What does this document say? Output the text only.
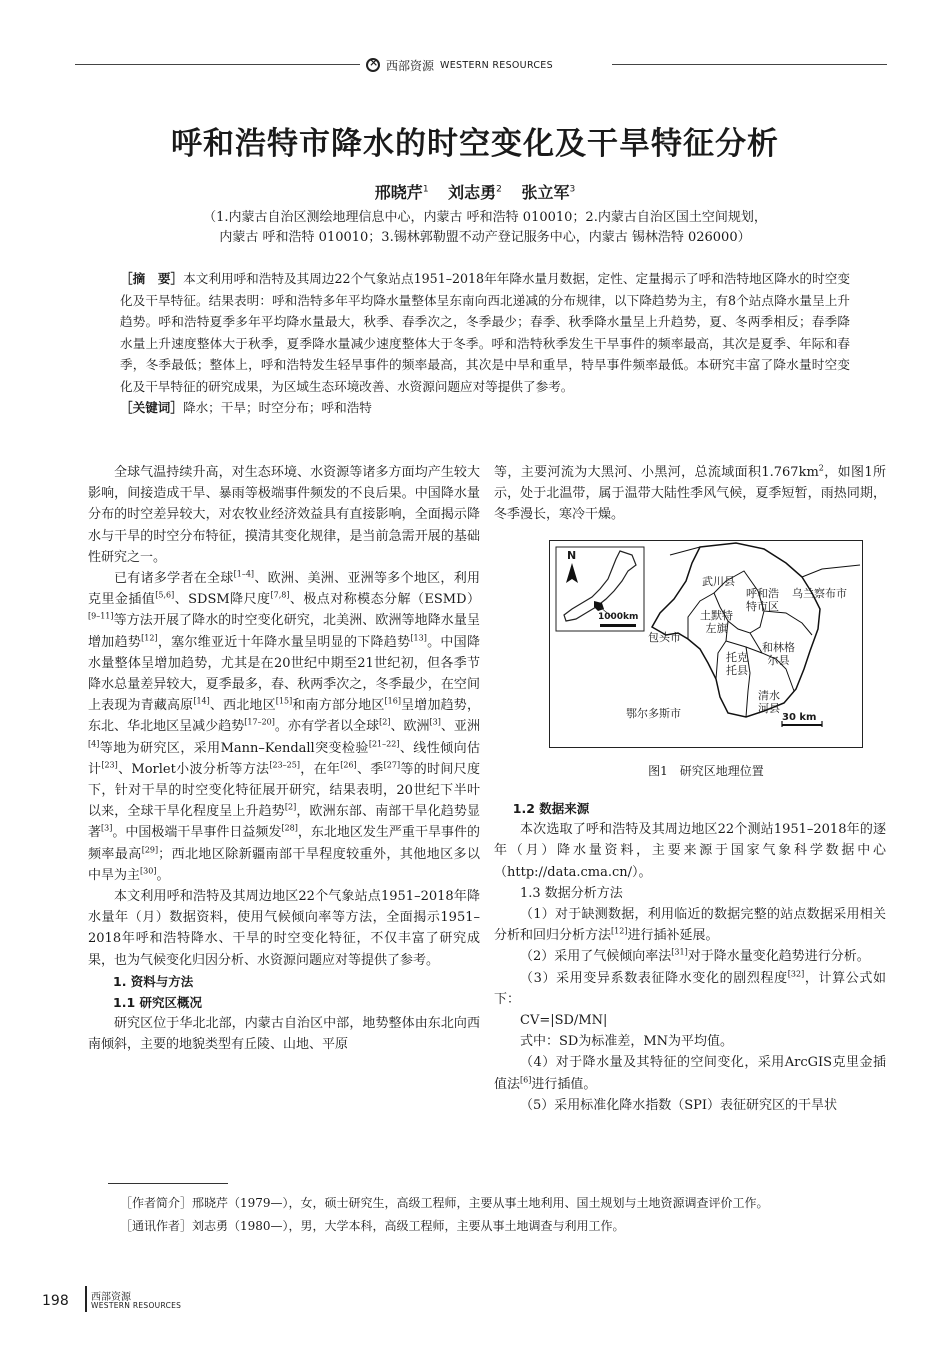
×
西部资源 WESTERN RESOURCES
呼和浩特市降水的时空变化及干旱特征分析
邢晓芹$^1$ 刘志勇$^2$ 张立军$^3$
（1.内蒙古自治区测绘地理信息中心，内蒙古 呼和浩特 010010；2.内蒙古自治区国土空间规划，
内蒙古 呼和浩特 010010；3.锡林郭勒盟不动产登记服务中心，内蒙古 锡林浩特 026000）
［摘　要］本文利用呼和浩特及其周边22个气象站点1951–2018年年降水量月数据，定性、定量揭示了呼和浩特地区降水的时空变化及干旱特征。结果表明：呼和浩特多年平均降水量整体呈东南向西北递减的分布规律，以下降趋势为主，有8个站点降水量呈上升趋势。呼和浩特夏季多年平均降水量最大，秋季、春季次之，冬季最少；春季、秋季降水量呈上升趋势，夏、冬两季相反；春季降水量上升速度整体大于秋季，夏季降水量减少速度整体大于冬季。呼和浩特秋季发生干旱事件的频率最高，其次是夏季、年际和春季，冬季最低；整体上，呼和浩特发生轻旱事件的频率最高，其次是中旱和重旱，特旱事件频率最低。本研究丰富了降水量时空变化及干旱特征的研究成果，为区域生态环境改善、水资源问题应对等提供了参考。
［关键词］降水；干旱；时空分布；呼和浩特

全球气温持续升高，对生态环境、水资源等诸多方面均产生较大影响，间接造成干旱、暴雨等极端事件频发的不良后果。中国降水量分布的时空差异较大，对农牧业经济效益具有直接影响，全面揭示降水与干旱的时空分布特征，摸清其变化规律，是当前急需开展的基础性研究之一。

已有诸多学者在全球[1–4]、欧洲、美洲、亚洲等多个地区，利用克里金插值[5,6]、SDSM降尺度[7,8]、极点对称模态分解（ESMD）[9–11]等方法开展了降水的时空变化研究，北美洲、欧洲等地降水量呈增加趋势[12]，塞尔维亚近十年降水量呈明显的下降趋势[13]。中国降水量整体呈增加趋势，尤其是在20世纪中期至21世纪初，但各季节降水总量差异较大，夏季最多，春、秋两季次之，冬季最少，在空间上表现为青藏高原[14]、西北地区[15]和南方部分地区[16]呈增加趋势，东北、华北地区呈减少趋势[17–20]。亦有学者以全球[2]、欧洲[3]、亚洲[4]等地为研究区，采用Mann–Kendall突变检验[21–22]、线性倾向估计[23]、Morlet小波分析等方法[23–25]，在年[26]、季[27]等的时间尺度下，针对干旱的时空变化特征展开研究，结果表明，20世纪下半叶以来，全球干旱化程度呈上升趋势[2]，欧洲东部、南部干旱化趋势显著[3]。中国极端干旱事件日益频发[28]，东北地区发生严重干旱事件的频率最高[29]；西北地区除新疆南部干旱程度较重外，其他地区多以中旱为主[30]。

本文利用呼和浩特及其周边地区22个气象站点1951–2018年降水量年（月）数据资料，使用气候倾向率等方法，全面揭示1951–2018年呼和浩特降水、干旱的时空变化特征，不仅丰富了研究成果，也为气候变化归因分析、水资源问题应对等提供了参考。

1. 资料与方法

1.1 研究区概况

研究区位于华北北部，内蒙古自治区中部，地势整体由东北向西南倾斜，主要的地貌类型有丘陵、山地、平原

等，主要河流为大黑河、小黑河，总流域面积$1.767km^2$，如图1所示，处于北温带，属于温带大陆性季风气候，夏季短暂，雨热同期，冬季漫长，寒冷干燥。

N
1000km
武川县
呼和浩
特市区
乌兰察布市
土默特
左旗
包头市
托克
托县
和林格
尔县
清水
河县
鄂尔多斯市	30 km
图1　研究区地理位置

1.2 数据来源

本次选取了呼和浩特及其周边地区22个测站1951–2018年的逐年（月）降水量资料，主要来源于国家气象科学数据中心（http://data.cma.cn/）。

1.3 数据分析方法

（1）对于缺测数据，利用临近的数据完整的站点数据采用相关分析和回归分析方法[12]进行插补延展。

（2）采用了气候倾向率法[31]对于降水量变化趋势进行分析。

（3）采用变异系数表征降水变化的剧烈程度[32]，计算公式如下：

CV=|SD/MN|

式中：SD为标准差，MN为平均值。

（4）对于降水量及其特征的空间变化，采用ArcGIS克里金插值法[6]进行插值。

（5）采用标准化降水指数（SPI）表征研究区的干旱状

［作者简介］邢晓芹（1979—），女，硕士研究生，高级工程师，主要从事土地利用、国土规划与土地资源调查评价工作。
［通讯作者］刘志勇（1980—），男，大学本科，高级工程师，主要从事土地调查与利用工作。
198 西部资源
WESTERN RESOURCES
